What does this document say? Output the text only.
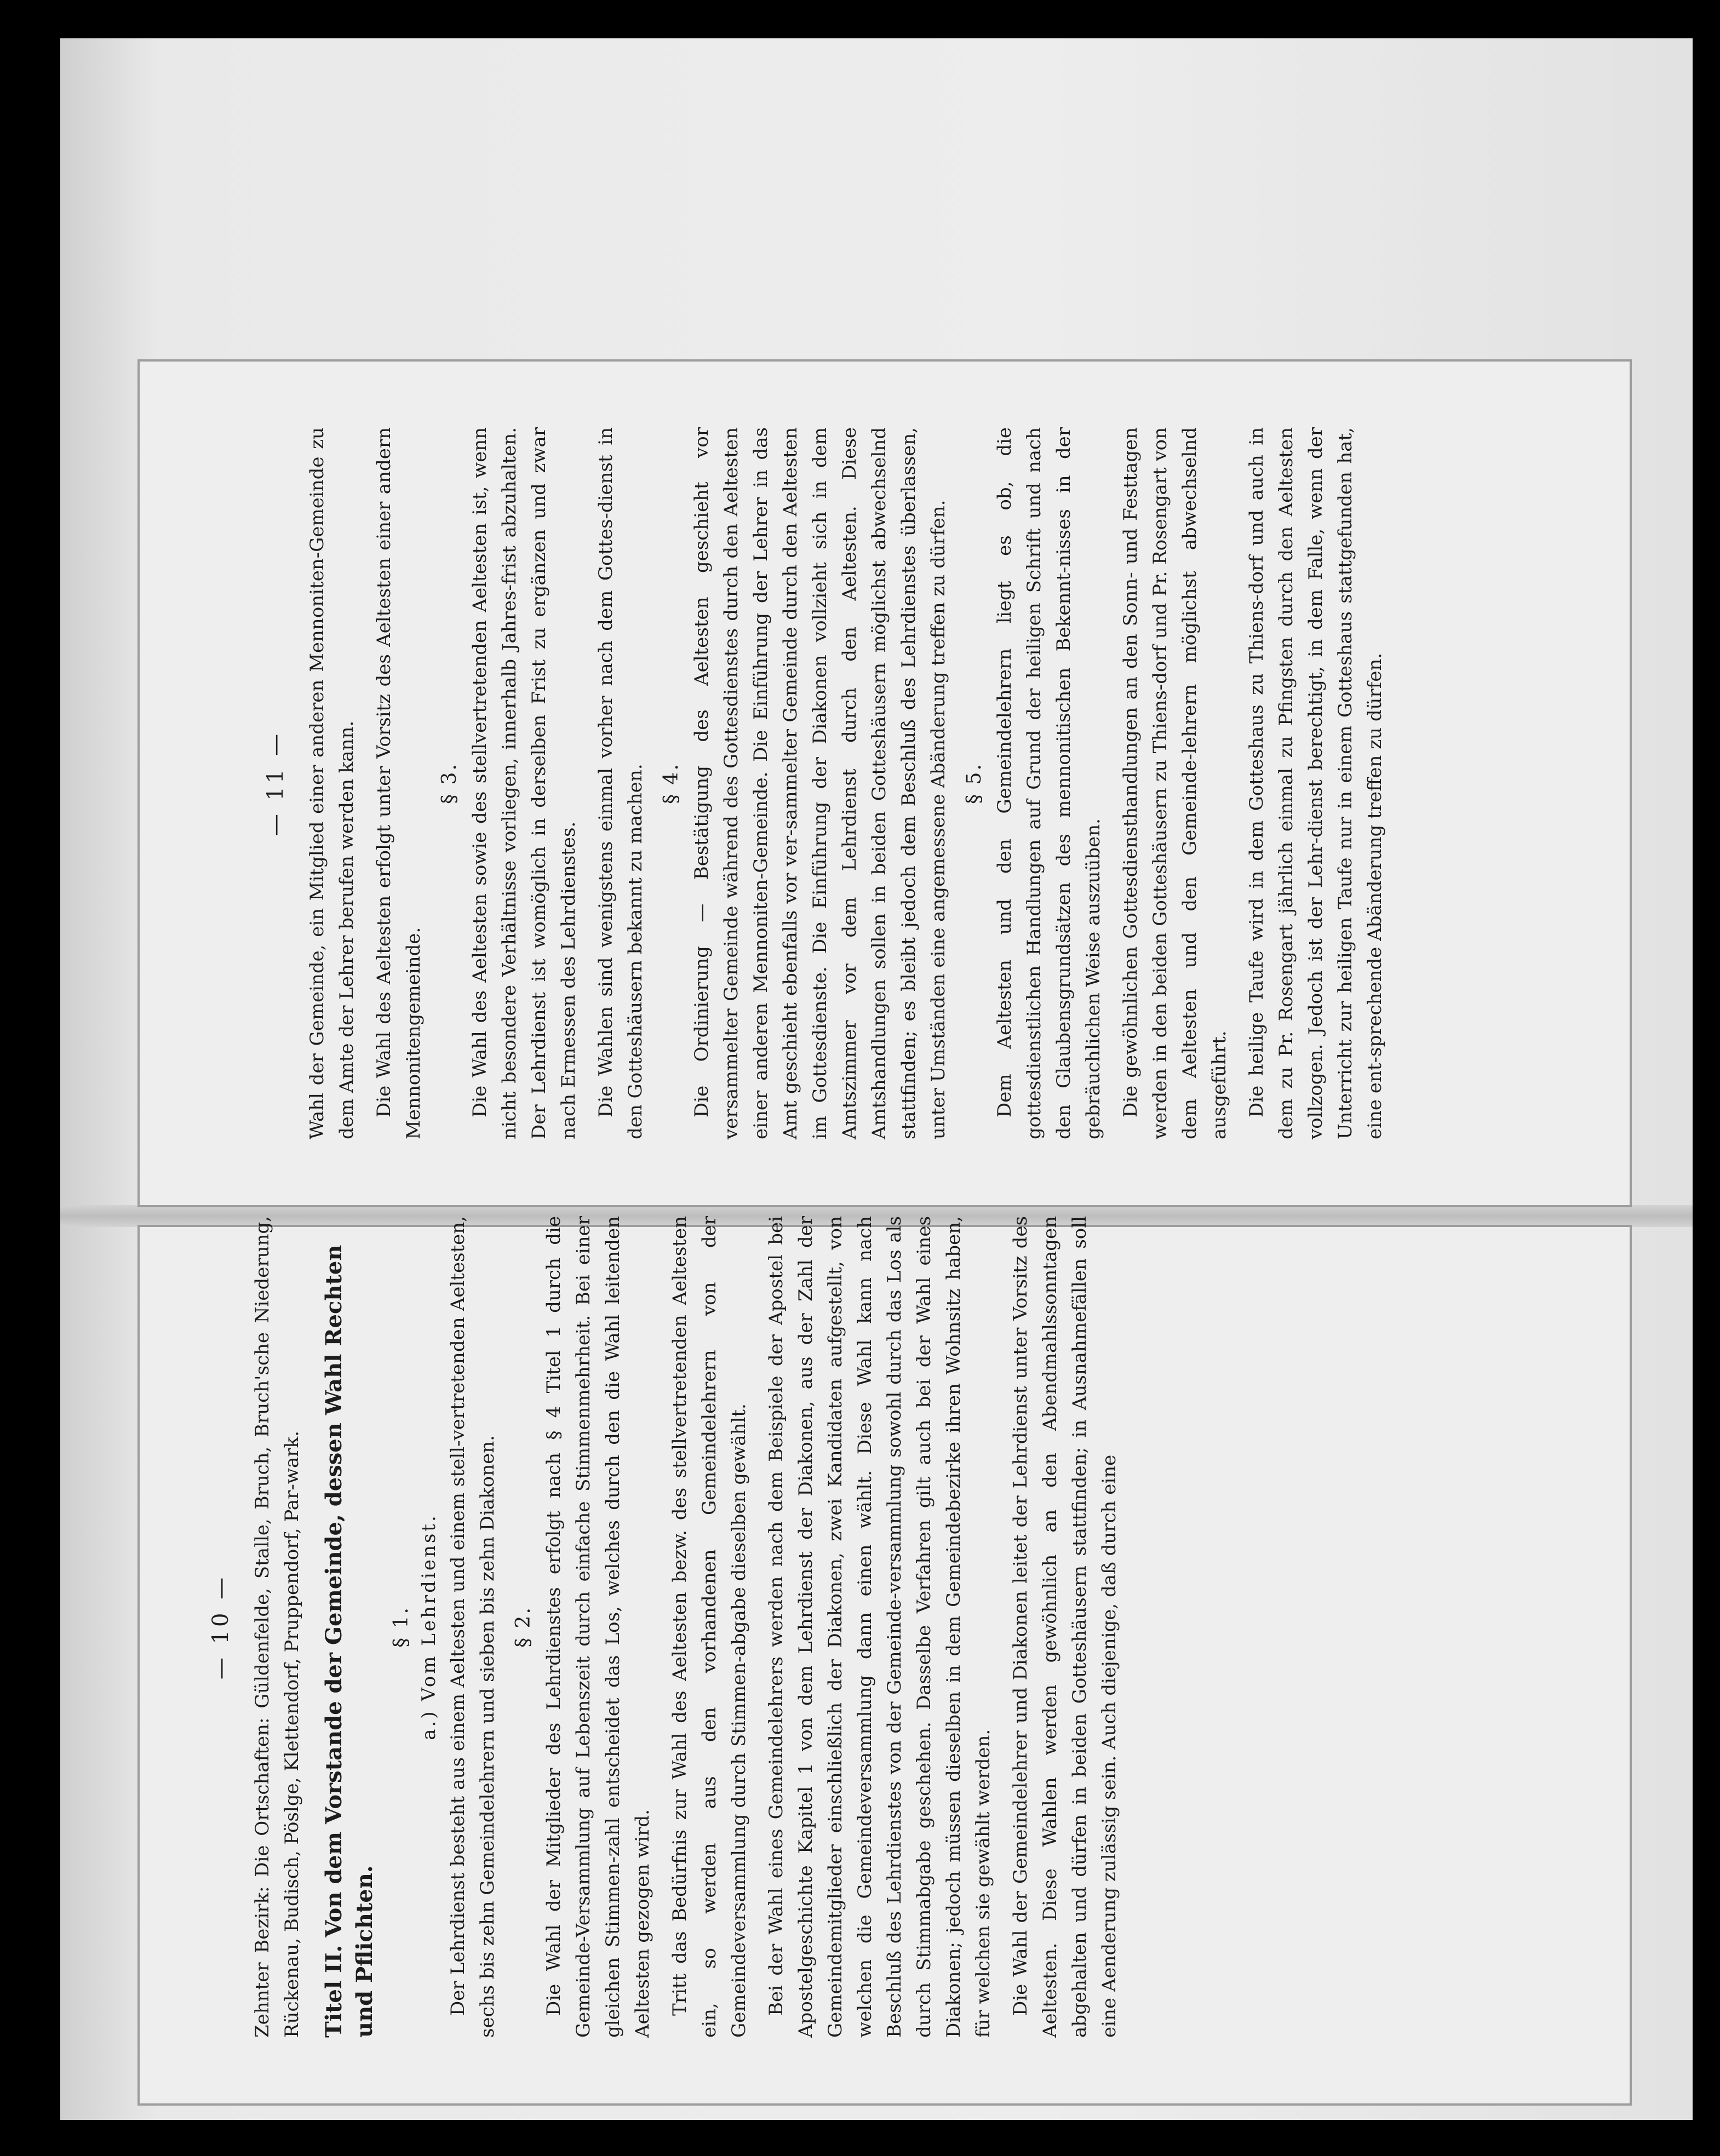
— 11 — Wahl der Gemeinde, ein Mitglied einer anderen Mennoniten-Gemeinde zu dem Amte der Lehrer berufen werden kann. Die Wahl des Aeltesten erfolgt unter Vorsitz des Aeltesten einer andern Mennonitengemeinde.

§ 3. Die Wahl des Aeltesten sowie des stellvertretenden Aeltesten ist, wenn nicht besondere Verhältnisse vorliegen, innerhalb Jahres-frist abzuhalten. Der Lehrdienst ist womöglich in derselben Frist zu ergänzen und zwar nach Ermessen des Lehrdienstes. Die Wahlen sind wenigstens einmal vorher nach dem Gottes-dienst in den Gotteshäusern bekannt zu machen. § 4. Die Ordinierung — Bestätigung des Aeltesten geschieht vor versammelter Gemeinde während des Gottesdienstes durch den Aeltesten einer anderen Mennoniten-Gemeinde. Die Einführung der Lehrer in das Amt geschieht ebenfalls vor ver-sammelter Gemeinde durch den Aeltesten im Gottesdienste. Die Einführung der Diakonen vollzieht sich in dem Amtszimmer vor dem Lehrdienst durch den Aeltesten. Diese Amtshandlungen sollen in beiden Gotteshäusern möglichst abwechselnd stattfinden; es bleibt jedoch dem Beschluß des Lehrdienstes überlassen, unter Umständen eine angemessene Abänderung treffen zu dürfen. § 5. Dem Aeltesten und den Gemeindelehrern liegt es ob, die gottesdienstlichen Handlungen auf Grund der heiligen Schrift und nach den Glaubensgrundsätzen des mennonitischen Bekennt-nisses in der gebräuchlichen Weise auszuüben. Die gewöhnlichen Gottesdiensthandlungen an den Sonn- und Festtagen werden in den beiden Gotteshäusern zu Thiens-dorf und Pr. Rosengart von dem Aeltesten und den Gemeinde-lehrern möglichst abwechselnd ausgeführt. Die heilige Taufe wird in dem Gotteshaus zu Thiens-dorf und auch in dem zu Pr. Rosengart jährlich einmal zu Pfingsten durch den Aeltesten vollzogen. Jedoch ist der Lehr-dienst berechtigt, in dem Falle, wenn der Unterricht zur heiligen Taufe nur in einem Gotteshaus stattgefunden hat, eine ent-sprechende Abänderung treffen zu dürfen.

— 10 — Zehnter Bezirk: Die Ortschaften: Güldenfelde, Stalle, Bruch, Bruch'sche Niederung, Rückenau, Budisch, Pöslge, Klettendorf, Pruppendorf, Par-wark. Titel II. Von dem Vorstande der Gemeinde, dessen Wahl Rechten und Pflichten.
§ 1. a.) Vom Lehrdienst. Der Lehrdienst besteht aus einem Aeltesten und einem stell-vertretenden Aeltesten, sechs bis zehn Gemeindelehrern und sieben bis zehn Diakonen. § 2. Die Wahl der Mitglieder des Lehrdienstes erfolgt nach § 4 Titel 1 durch die Gemeinde-Versammlung auf Lebenszeit durch einfache Stimmenmehrheit. Bei einer gleichen Stimmen-zahl entscheidet das Los, welches durch den die Wahl leitenden Aeltesten gezogen wird. Tritt das Bedürfnis zur Wahl des Aeltesten bezw. des stellvertretenden Aeltesten ein, so werden aus den vorhandenen Gemeindelehrern von der Gemeindeversammlung durch Stimmen-abgabe dieselben gewählt. Bei der Wahl eines Gemeindelehrers werden nach dem Beispiele der Apostel bei Apostelgeschichte Kapitel 1 von dem Lehrdienst der Diakonen, aus der Zahl der Gemeindemitglieder einschließlich der Diakonen, zwei Kandidaten aufgestellt, von welchen die Gemeindeversammlung dann einen wählt. Diese Wahl kann nach Beschluß des Lehrdienstes von der Gemeinde-versammlung sowohl durch das Los als durch Stimmabgabe geschehen. Dasselbe Verfahren gilt auch bei der Wahl eines Diakonen; jedoch müssen dieselben in dem Gemeindebezirke ihren Wohnsitz haben, für welchen sie gewählt werden. Die Wahl der Gemeindelehrer und Diakonen leitet der Lehrdienst unter Vorsitz des Aeltesten. Diese Wahlen werden gewöhnlich an den Abendmahlssonntagen abgehalten und dürfen in beiden Gotteshäusern stattfinden; in Ausnahmefällen soll eine Aenderung zulässig sein. Auch diejenige, daß durch eine
